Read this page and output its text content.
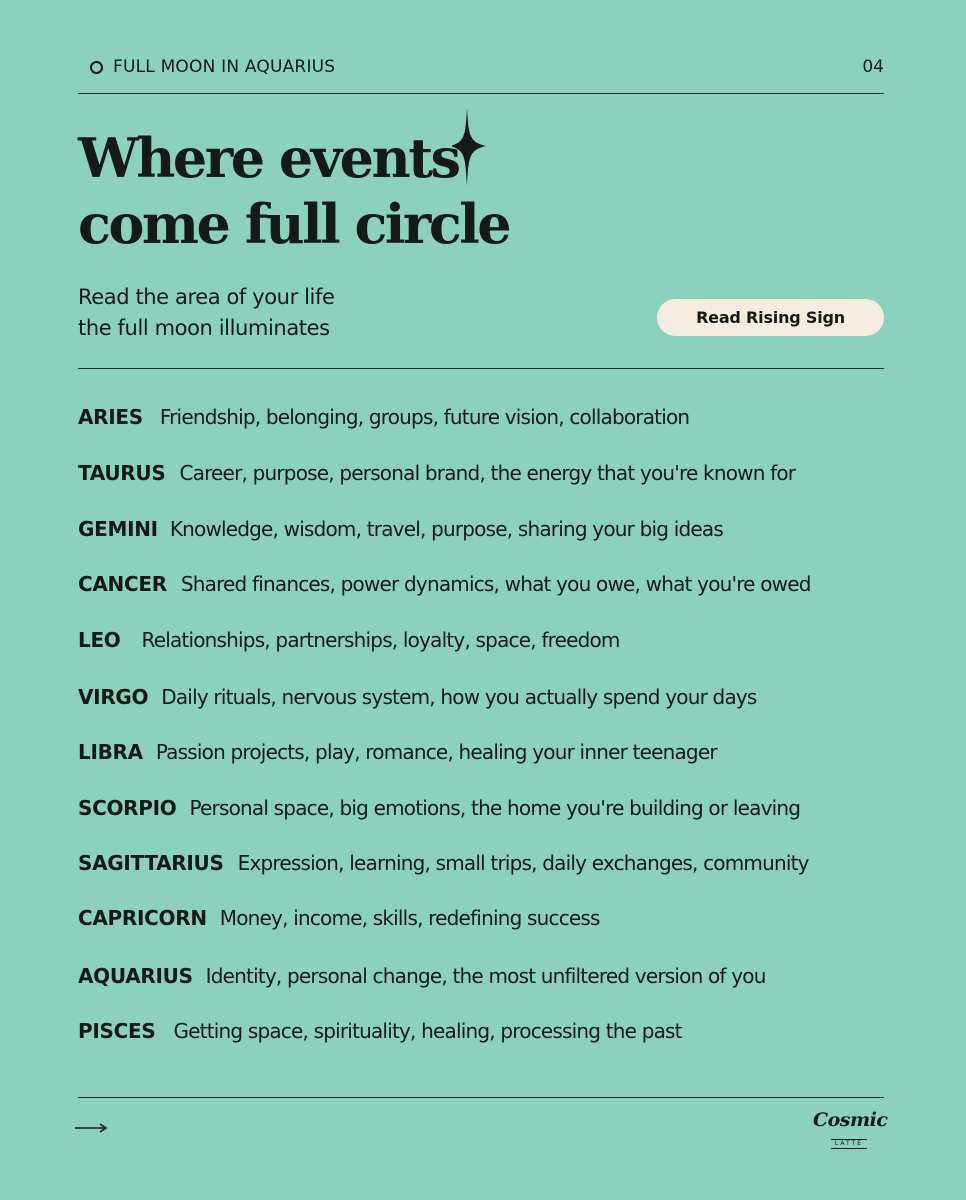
FULL MOON IN AQUARIUS	04
Where events
come full circle
Read the area of your life
the full moon illuminates	Read Rising Sign
ARIES Friendship, belonging, groups, future vision, collaboration
TAURUS Career, purpose, personal brand, the energy that you're known for
GEMINI Knowledge, wisdom, travel, purpose, sharing your big ideas
CANCER Shared finances, power dynamics, what you owe, what you're owed
LEO Relationships, partnerships, loyalty, space, freedom
VIRGO Daily rituals, nervous system, how you actually spend your days
LIBRA Passion projects, play, romance, healing your inner teenager
SCORPIO Personal space, big emotions, the home you're building or leaving
SAGITTARIUS Expression, learning, small trips, daily exchanges, community
CAPRICORN Money, income, skills, redefining success
AQUARIUS Identity, personal change, the most unfiltered version of you
PISCES Getting space, spirituality, healing, processing the past
Cosmic
LATTE
